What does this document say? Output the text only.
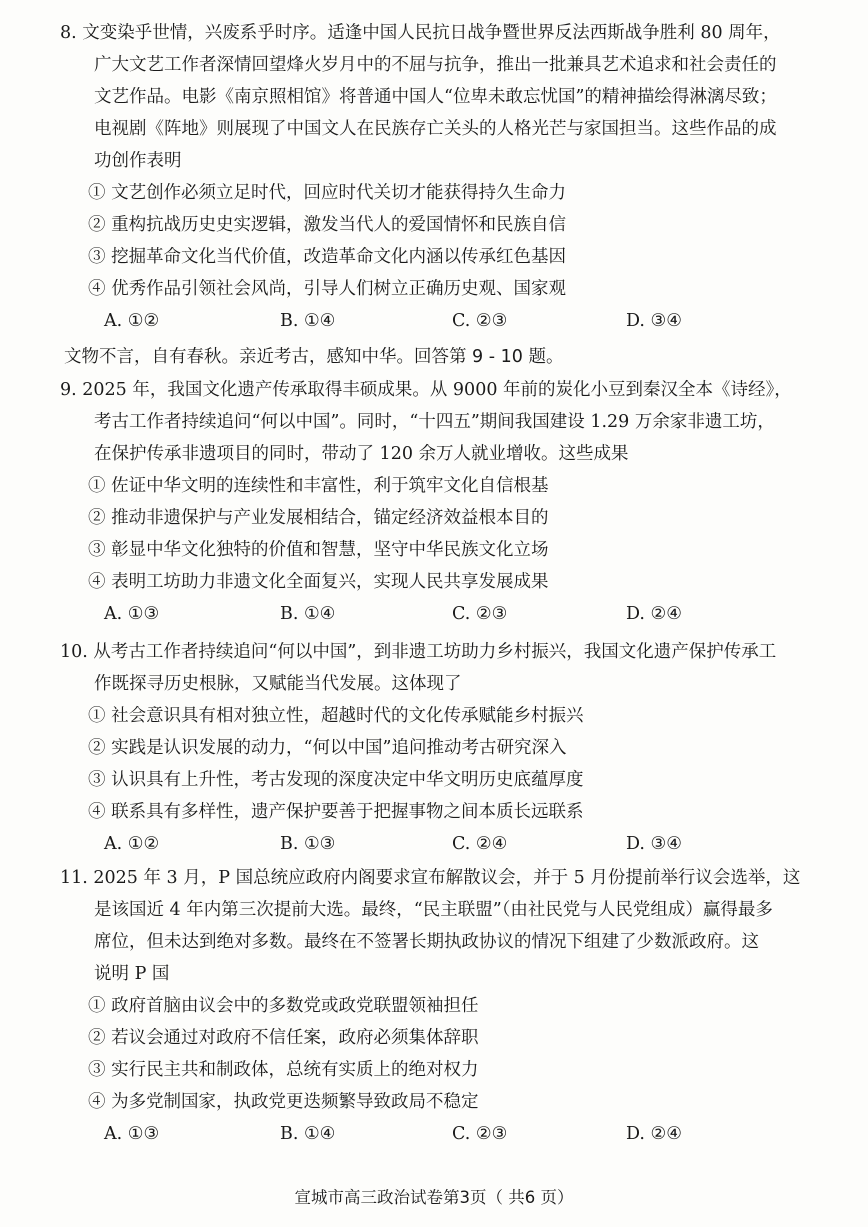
8. 文变染乎世情，兴废系乎时序。适逢中国人民抗日战争暨世界反法西斯战争胜利 80 周年，
广大文艺工作者深情回望烽火岁月中的不屈与抗争，推出一批兼具艺术追求和社会责任的
文艺作品。电影《南京照相馆》将普通中国人“位卑未敢忘忧国”的精神描绘得淋漓尽致；
电视剧《阵地》则展现了中国文人在民族存亡关头的人格光芒与家国担当。这些作品的成
功创作表明
① 文艺创作必须立足时代，回应时代关切才能获得持久生命力
② 重构抗战历史史实逻辑，激发当代人的爱国情怀和民族自信
③ 挖掘革命文化当代价值，改造革命文化内涵以传承红色基因
④ 优秀作品引领社会风尚，引导人们树立正确历史观、国家观
A. ①②	B. ①④	C. ②③	D. ③④
文物不言，自有春秋。亲近考古，感知中华。回答第 9 - 10 题。
9. 2025 年，我国文化遗产传承取得丰硕成果。从 9000 年前的炭化小豆到秦汉全本《诗经》，
考古工作者持续追问“何以中国”。同时，“十四五”期间我国建设 1.29 万余家非遗工坊，
在保护传承非遗项目的同时，带动了 120 余万人就业增收。这些成果
① 佐证中华文明的连续性和丰富性，利于筑牢文化自信根基
② 推动非遗保护与产业发展相结合，锚定经济效益根本目的
③ 彰显中华文化独特的价值和智慧，坚守中华民族文化立场
④ 表明工坊助力非遗文化全面复兴，实现人民共享发展成果
A. ①③	B. ①④	C. ②③	D. ②④
10. 从考古工作者持续追问“何以中国”，到非遗工坊助力乡村振兴，我国文化遗产保护传承工
作既探寻历史根脉，又赋能当代发展。这体现了
① 社会意识具有相对独立性，超越时代的文化传承赋能乡村振兴
② 实践是认识发展的动力，“何以中国”追问推动考古研究深入
③ 认识具有上升性，考古发现的深度决定中华文明历史底蕴厚度
④ 联系具有多样性，遗产保护要善于把握事物之间本质长远联系
A. ①②	B. ①③	C. ②④	D. ③④
11. 2025 年 3 月，P 国总统应政府内阁要求宣布解散议会，并于 5 月份提前举行议会选举，这
是该国近 4 年内第三次提前大选。最终，“民主联盟”（由社民党与人民党组成）赢得最多
席位，但未达到绝对多数。最终在不签署长期执政协议的情况下组建了少数派政府。这
说明 P 国
① 政府首脑由议会中的多数党或政党联盟领袖担任
② 若议会通过对政府不信任案，政府必须集体辞职
③ 实行民主共和制政体，总统有实质上的绝对权力
④ 为多党制国家，执政党更迭频繁导致政局不稳定
A. ①③	B. ①④	C. ②③	D. ②④
宣城市高三政治试卷第3页（ 共6 页）
